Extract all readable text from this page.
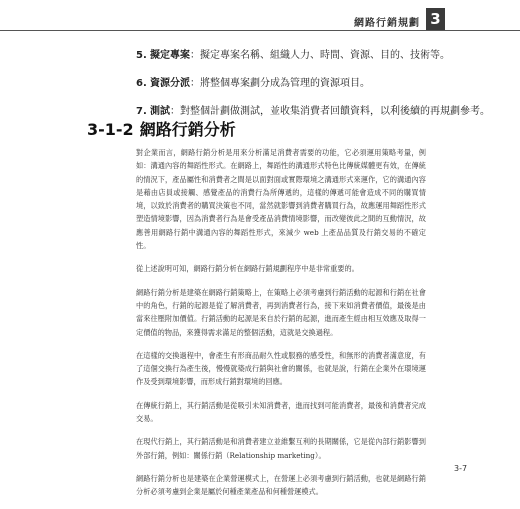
網路行銷規劃 3
5. 擬定專案：擬定專案名稱、組織人力、時間、資源、目的、技術等。
6. 資源分派：將整個專案劃分成為管理的資源項目。
7. 測試：對整個計劃做測試，並收集消費者回饋資料，以利後續的再規劃參考。
3-1-2 網路行銷分析

對企業而言，網路行銷分析是用來分析滿足消費者需要的功能，它必須運用策略考量，例如：溝通內容的舞蹈性形式。在網路上，舞蹈性的溝通形式特色比傳統媒體更有效，在傳統的情況下，產品屬性和消費者之間是以面對面或實際環境之溝通形式來運作，它的溝通內容是藉由店員或接觸、感覺產品的消費行為所傳遞的，這樣的傳遞可能會造成不同的購買情境，以致於消費者的購買決策也不同，當然就影響到消費者購買行為，故應運用舞蹈性形式塑造情境影響，因為消費者行為是會受產品消費情境影響，而改變彼此之間的互動情況，故應善用網路行銷中溝通內容的舞蹈性形式，來減少 web 上產品品質及行銷交易的不確定性。

從上述說明可知，網路行銷分析在網路行銷規劃程序中是非常重要的。

網路行銷分析是建築在網路行銷策略上，在策略上必須考慮到行銷活動的起源和行銷在社會中的角色，行銷的起源是從了解消費者，再到消費者行為，接下來如消費者價值，最後是由當來往壓附加價值。行銷活動的起源是來自於行銷的起源，進而產生經由相互效應及取得一定價值的物品，來獲得需求滿足的整個活動，這就是交換過程。

在這樣的交換過程中，會產生有形商品耐久性或服務的感受性，和無形的消費者滿意度，有了這個交換行為產生後，慢慢就築成行銷與社會的關係，也就是說，行銷在企業外在環境運作及受到環境影響，而形成行銷對環境的回應。

在傳統行銷上，其行銷活動是從吸引未知消費者，進而找到可能消費者，最後和消費者完成交易。

在現代行銷上，其行銷活動是和消費者建立並維繫互利的長期關係，它是從內部行銷影響到外部行銷，例如：關係行銷（Relationship marketing）。

網路行銷分析也是建築在企業營運模式上，在營運上必須考慮到行銷活動，也就是網路行銷分析必須考慮到企業是屬於何種產業產品和何種營運模式。

3-7
